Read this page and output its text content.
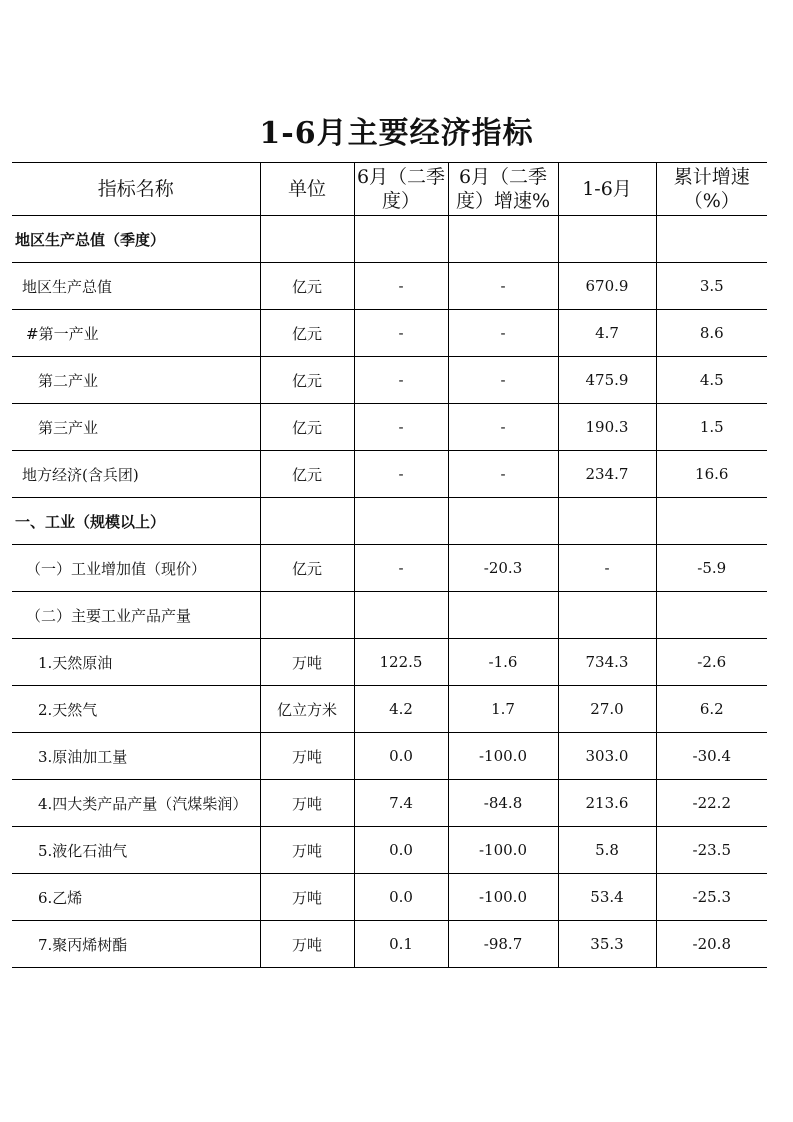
1-6月主要经济指标
指标名称	单位	6月（二季度）	6月（二季度）增速%	1-6月	累计增速（%）
地区生产总值（季度）					
地区生产总值	亿元	-	-	670.9	3.5
#第一产业	亿元	-	-	4.7	8.6
第二产业	亿元	-	-	475.9	4.5
第三产业	亿元	-	-	190.3	1.5
地方经济(含兵团)	亿元	-	-	234.7	16.6
一、工业（规模以上）					
（一）工业增加值（现价）	亿元	-	-20.3	-	-5.9
（二）主要工业产品产量					
1.天然原油	万吨	122.5	-1.6	734.3	-2.6
2.天然气	亿立方米	4.2	1.7	27.0	6.2
3.原油加工量	万吨	0.0	-100.0	303.0	-30.4
4.四大类产品产量（汽煤柴润）	万吨	7.4	-84.8	213.6	-22.2
5.液化石油气	万吨	0.0	-100.0	5.8	-23.5
6.乙烯	万吨	0.0	-100.0	53.4	-25.3
7.聚丙烯树酯	万吨	0.1	-98.7	35.3	-20.8
